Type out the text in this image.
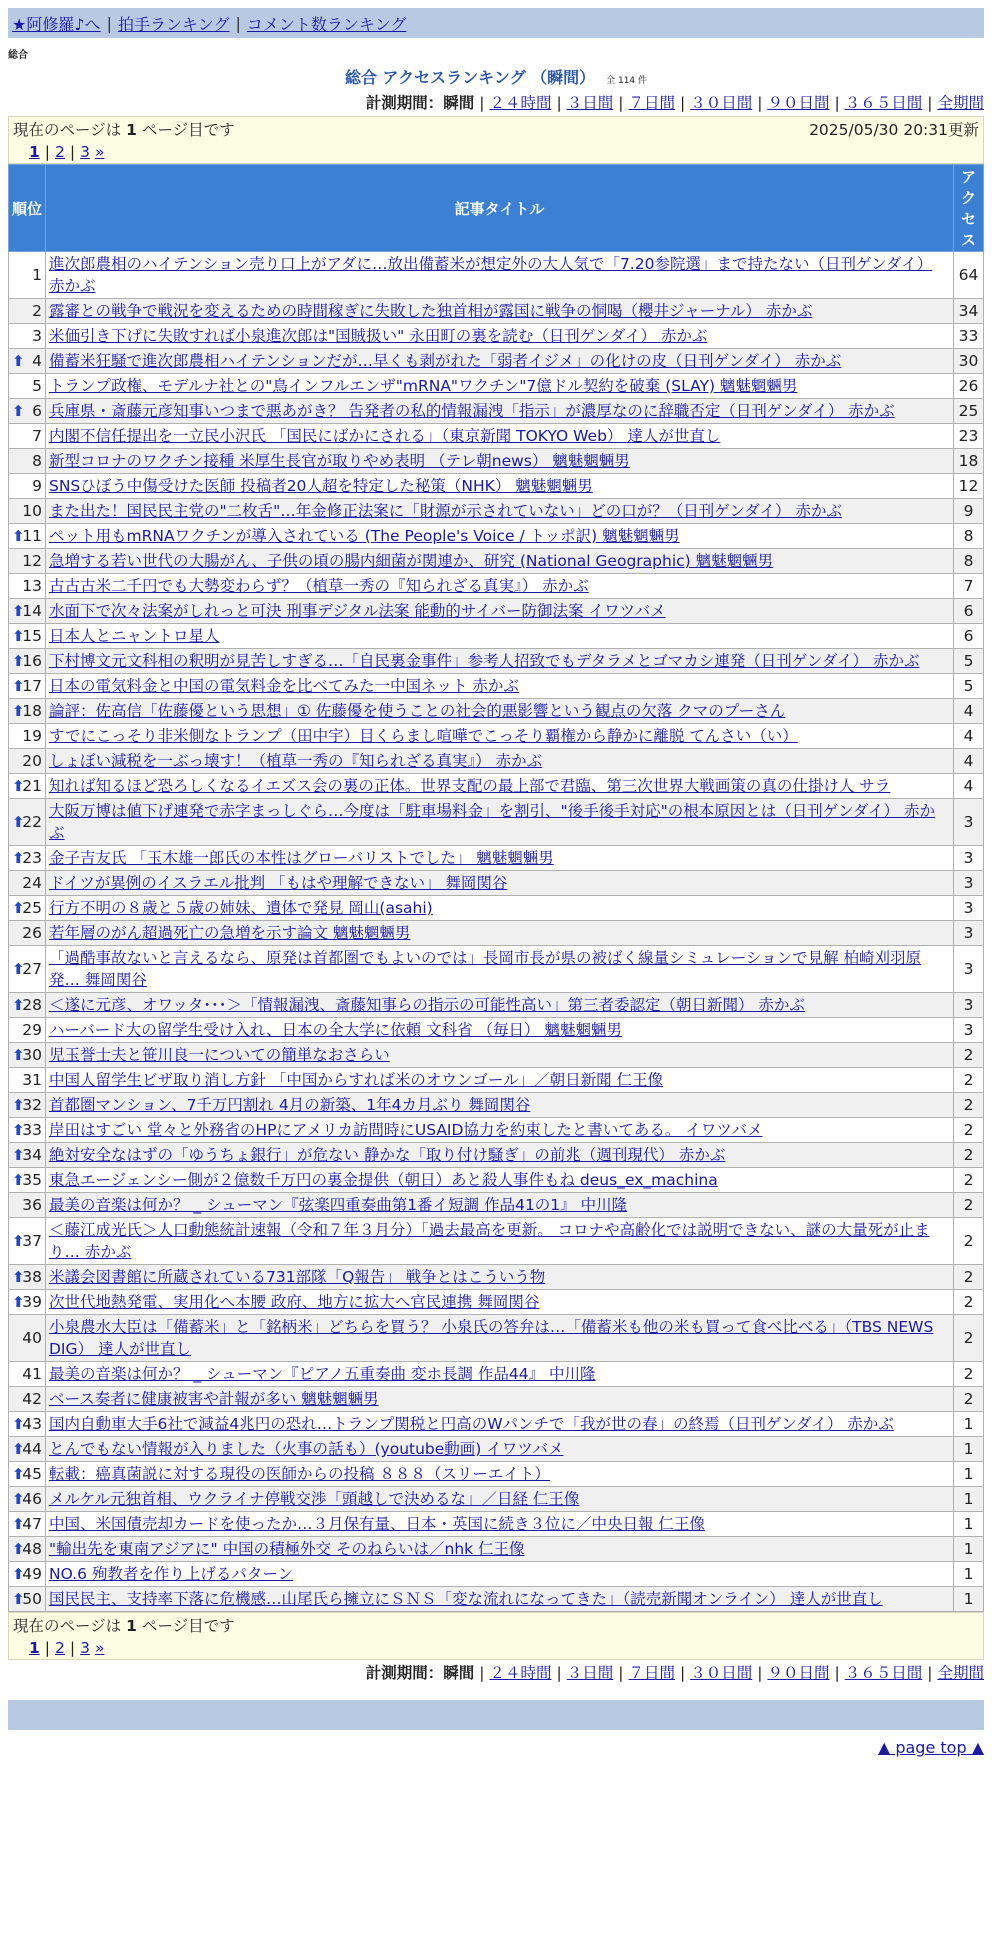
★阿修羅♪へ | 拍手ランキング | コメント数ランキング
総合
総合 アクセスランキング （瞬間） 全 114 件
計測期間：瞬間 | ２４時間 | ３日間 | ７日間 | ３０日間 | ９０日間 | ３６５日間 | 全期間
現在のページは 1 ページ目です	2025/05/30 20:31更新
1 | 2 | 3 »
順位	記事タイトル	アクセス
1	進次郎農相のハイテンション売り口上がアダに…放出備蓄米が想定外の大人気で「7.20参院選」まで持たない（日刊ゲンダイ） 赤かぶ	64
2	露審との戦争で戦況を変えるための時間稼ぎに失敗した独首相が露国に戦争の恫喝（櫻井ジャーナル） 赤かぶ	34
3	米価引き下げに失敗すれば小泉進次郎は"国賊扱い" 永田町の裏を読む（日刊ゲンダイ） 赤かぶ	33

⬆ 4	備蓄米狂騒で進次郎農相ハイテンションだが…早くも剥がれた「弱者イジメ」の化けの皮（日刊ゲンダイ） 赤かぶ	30
5	トランプ政権、モデルナ社との"鳥インフルエンザ"mRNA"ワクチン"7億ドル契約を破棄 (SLAY) 魑魅魍魎男	26

⬆ 6	兵庫県・斎藤元彦知事いつまで悪あがき？ 告発者の私的情報漏洩「指示」が濃厚なのに辞職否定（日刊ゲンダイ） 赤かぶ	25
7	内閣不信任提出を一立民小沢氏 「国民にばかにされる」（東京新聞 TOKYO Web） 達人が世直し	23
8	新型コロナのワクチン接種 米厚生長官が取りやめ表明 （テレ朝news） 魑魅魍魎男	18
9	SNSひぼう中傷受けた医師 投稿者20人超を特定した秘策（NHK） 魑魅魍魎男	12
10	また出た！国民民主党の"二枚舌"…年金修正法案に「財源が示されていない」どの口が？（日刊ゲンダイ） 赤かぶ	9

⬆
11	ペット用もmRNAワクチンが導入されている (The People's Voice / トッポ訳) 魑魅魍魎男	8
12	急増する若い世代の大腸がん、子供の頃の腸内細菌が関連か、研究 (National Geographic) 魑魅魍魎男	8
13	古古古米二千円でも大勢変わらず？（植草一秀の『知られざる真実』） 赤かぶ	7

⬆
14	水面下で次々法案がしれっと可決 刑事デジタル法案 能動的サイバー防御法案 イワツバメ	6

⬆
15	日本人とニャントロ星人	6

⬆
16	下村博文元文科相の釈明が見苦しすぎる…「自民裏金事件」参考人招致でもデタラメとゴマカシ連発（日刊ゲンダイ） 赤かぶ	5

⬆
17	日本の電気料金と中国の電気料金を比べてみた一中国ネット 赤かぶ	5

⬆
18	論評：佐高信「佐藤優という思想」① 佐藤優を使うことの社会的悪影響という観点の欠落 クマのプーさん	4
19	すでにこっそり非米側なトランプ（田中宇）目くらまし喧嘩でこっそり覇権から静かに離脱 てんさい（い）	4
20	しょぼい減税を一ぶっ壊す！（植草一秀の『知られざる真実』） 赤かぶ	4

⬆
21	知れば知るほど恐ろしくなるイエズス会の裏の正体。世界支配の最上部で君臨、第三次世界大戦画策の真の仕掛け人 サラ	4

⬆
22	大阪万博は値下げ連発で赤字まっしぐら…今度は「駐車場料金」を割引、"後手後手対応"の根本原因とは（日刊ゲンダイ） 赤かぶ	3

⬆
23	金子吉友氏 「玉木雄一郎氏の本性はグローバリストでした」 魑魅魍魎男	3
24	ドイツが異例のイスラエル批判 「もはや理解できない」 舞岡関谷	3

⬆
25	行方不明の８歳と５歳の姉妹、遺体で発見 岡山(asahi)	3
26	若年層のがん超過死亡の急増を示す論文 魑魅魍魎男	3

⬆
27	「過酷事故ないと言えるなら、原発は首都圏でもよいのでは」長岡市長が県の被ばく線量シミュレーションで見解 柏崎刈羽原発… 舞岡関谷	3

⬆
28	＜遂に元彦、オワッタ･･･＞「情報漏洩、斎藤知事らの指示の可能性高い」第三者委認定（朝日新聞） 赤かぶ	3
29	ハーバード大の留学生受け入れ、日本の全大学に依頼 文科省 （毎日） 魑魅魍魎男	3

⬆
30	児玉誉士夫と笹川良一についての簡単なおさらい	2
31	中国人留学生ビザ取り消し方針 「中国からすれば米のオウンゴール」／朝日新聞 仁王像	2

⬆
32	首都圏マンション、7千万円割れ 4月の新築、1年4カ月ぶり 舞岡関谷	2

⬆
33	岸田はすごい 堂々と外務省のHPにアメリカ訪問時にUSAID協力を約束したと書いてある。 イワツバメ	2

⬆
34	絶対安全なはずの「ゆうちょ銀行」が危ない 静かな「取り付け騒ぎ」の前兆（週刊現代） 赤かぶ	2

⬆
35	東急エージェンシー側が２億数千万円の裏金提供（朝日）あと殺人事件もね deus_ex_machina	2
36	最美の音楽は何か？ _ シューマン『弦楽四重奏曲第1番イ短調 作品41の1』 中川隆	2

⬆
37	＜藤江成光氏＞人口動態統計速報（令和７年３月分）「過去最高を更新。 コロナや高齢化では説明できない、謎の大量死が止まり… 赤かぶ	2

⬆
38	米議会図書館に所蔵されている731部隊「Q報告」 戦争とはこういう物	2

⬆
39	次世代地熱発電、実用化へ本腰 政府、地方に拡大へ官民連携 舞岡関谷	2
40	小泉農水大臣は「備蓄米」と「銘柄米」どちらを買う？ 小泉氏の答弁は…「備蓄米も他の米も買って食べ比べる」（TBS NEWS DIG） 達人が世直し	2
41	最美の音楽は何か？ _ シューマン『ピアノ五重奏曲 変ホ長調 作品44』 中川隆	2
42	ベース奏者に健康被害や計報が多い 魑魅魍魎男	2

⬆
43	国内自動車大手6社で減益4兆円の恐れ…トランプ関税と円高のWパンチで「我が世の春」の終焉（日刊ゲンダイ） 赤かぶ	1

⬆
44	とんでもない情報が入りました（火事の話も）(youtube動画) イワツバメ	1

⬆
45	転載：癌真菌説に対する現役の医師からの投稿 ８８８（スリーエイト）	1

⬆
46	メルケル元独首相、ウクライナ停戦交渉「頭越しで決めるな」／日経 仁王像	1

⬆
47	中国、米国債売却カードを使ったか…３月保有量、日本・英国に続き３位に／中央日報 仁王像	1

⬆
48	"輸出先を東南アジアに" 中国の積極外交 そのねらいは／nhk 仁王像	1

⬆
49	NO.6 殉教者を作り上げるパターン	1

⬆
50	国民民主、支持率下落に危機感…山尾氏ら擁立にＳＮＳ「変な流れになってきた」（読売新聞オンライン） 達人が世直し	1
現在のページは 1 ページ目です
1 | 2 | 3 »
計測期間：瞬間 | ２４時間 | ３日間 | ７日間 | ３０日間 | ９０日間 | ３６５日間 | 全期間
▲ page top ▲
